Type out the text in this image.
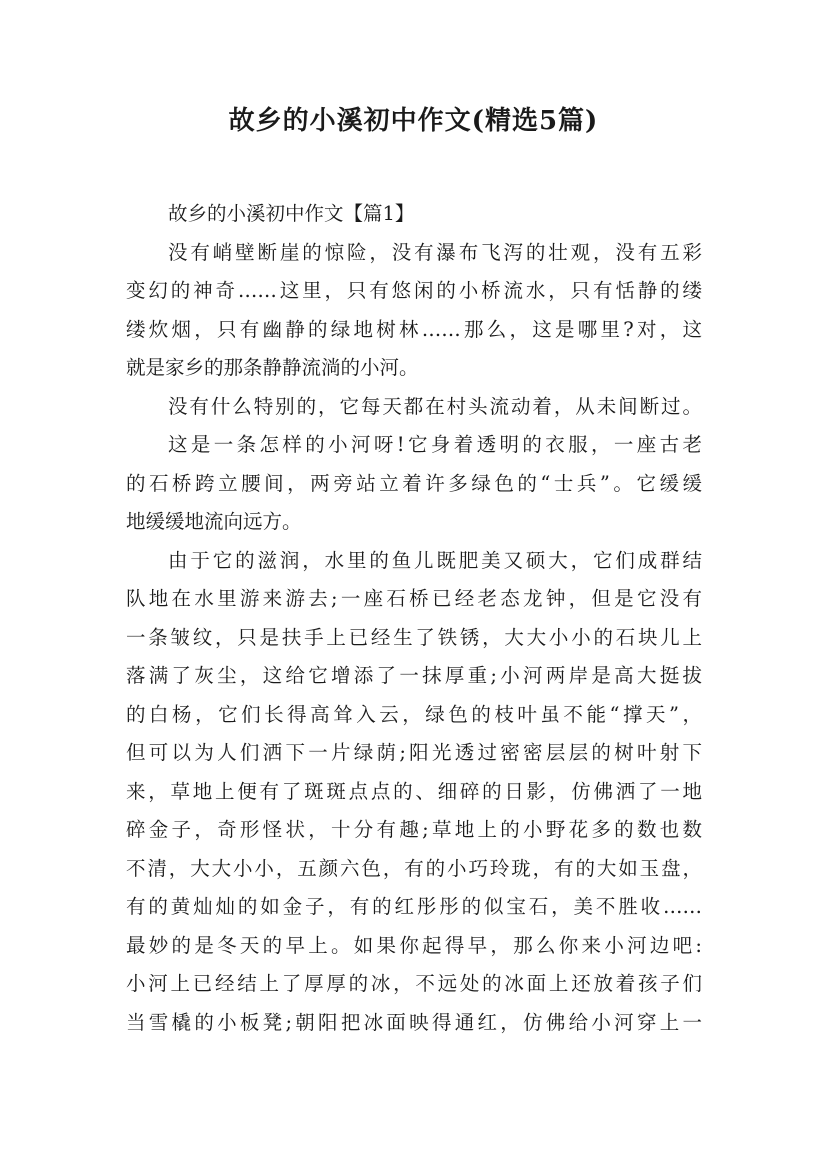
故乡的小溪初中作文(精选5篇)
故乡的小溪初中作文【篇1】
没有峭壁断崖的惊险，没有瀑布飞泻的壮观，没有五彩
变幻的神奇……这里，只有悠闲的小桥流水，只有恬静的缕
缕炊烟，只有幽静的绿地树林……那么，这是哪里?对，这
就是家乡的那条静静流淌的小河。
没有什么特别的，它每天都在村头流动着，从未间断过。
这是一条怎样的小河呀!它身着透明的衣服，一座古老
的石桥跨立腰间，两旁站立着许多绿色的“士兵”。它缓缓
地缓缓地流向远方。
由于它的滋润，水里的鱼儿既肥美又硕大，它们成群结
队地在水里游来游去;一座石桥已经老态龙钟，但是它没有
一条皱纹，只是扶手上已经生了铁锈，大大小小的石块儿上
落满了灰尘，这给它增添了一抹厚重;小河两岸是高大挺拔
的白杨，它们长得高耸入云，绿色的枝叶虽不能“撑天”，
但可以为人们洒下一片绿荫;阳光透过密密层层的树叶射下
来，草地上便有了斑斑点点的、细碎的日影，仿佛洒了一地
碎金子，奇形怪状，十分有趣;草地上的小野花多的数也数
不清，大大小小，五颜六色，有的小巧玲珑，有的大如玉盘，
有的黄灿灿的如金子，有的红彤彤的似宝石，美不胜收……
最妙的是冬天的早上。如果你起得早，那么你来小河边吧:
小河上已经结上了厚厚的冰，不远处的冰面上还放着孩子们
当雪橇的小板凳;朝阳把冰面映得通红，仿佛给小河穿上一
